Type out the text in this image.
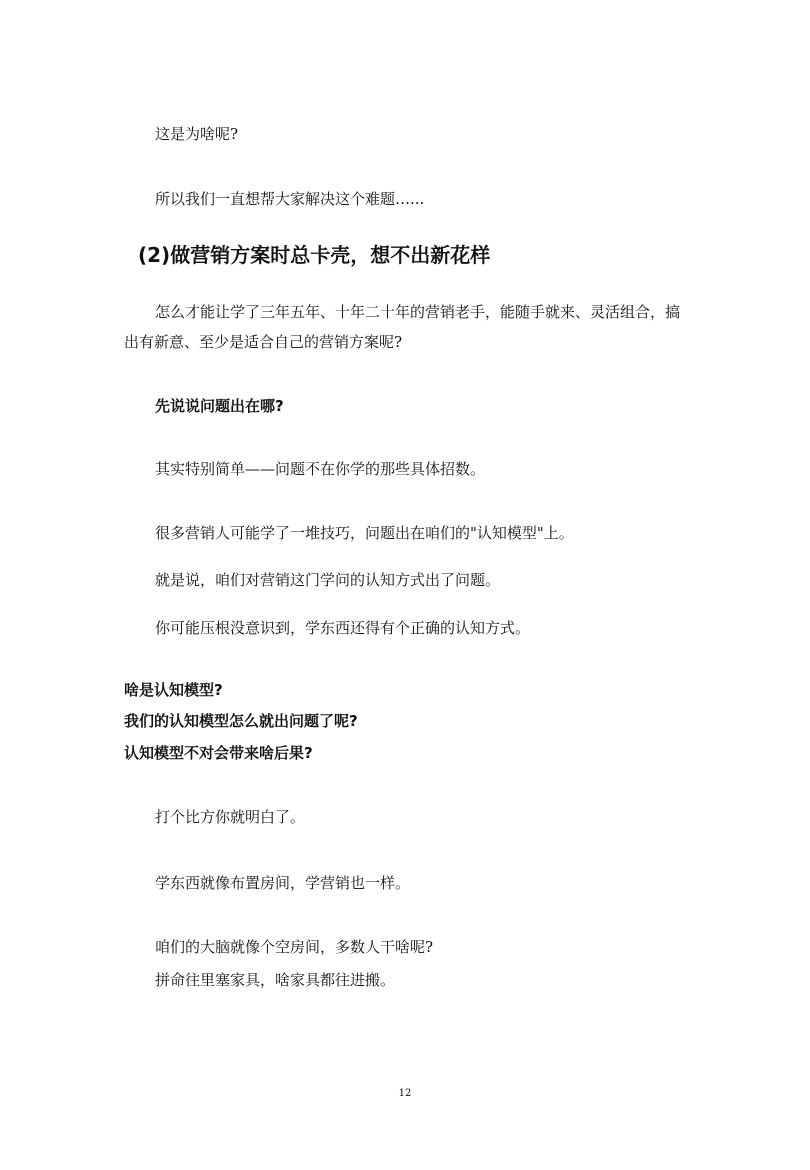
这是为啥呢?
所以我们一直想帮大家解决这个难题…...
(2)做营销方案时总卡壳，想不出新花样
怎么才能让学了三年五年、十年二十年的营销老手，能随手就来、灵活组合，搞出有新意、至少是适合自己的营销方案呢?
先说说问题出在哪?
其实特别简单——问题不在你学的那些具体招数。
很多营销人可能学了一堆技巧，问题出在咱们的"认知模型"上。
就是说，咱们对营销这门学问的认知方式出了问题。
你可能压根没意识到，学东西还得有个正确的认知方式。
啥是认知模型?
我们的认知模型怎么就出问题了呢?
认知模型不对会带来啥后果?
打个比方你就明白了。
学东西就像布置房间，学营销也一样。
咱们的大脑就像个空房间，多数人干啥呢?
拼命往里塞家具，啥家具都往进搬。
12
